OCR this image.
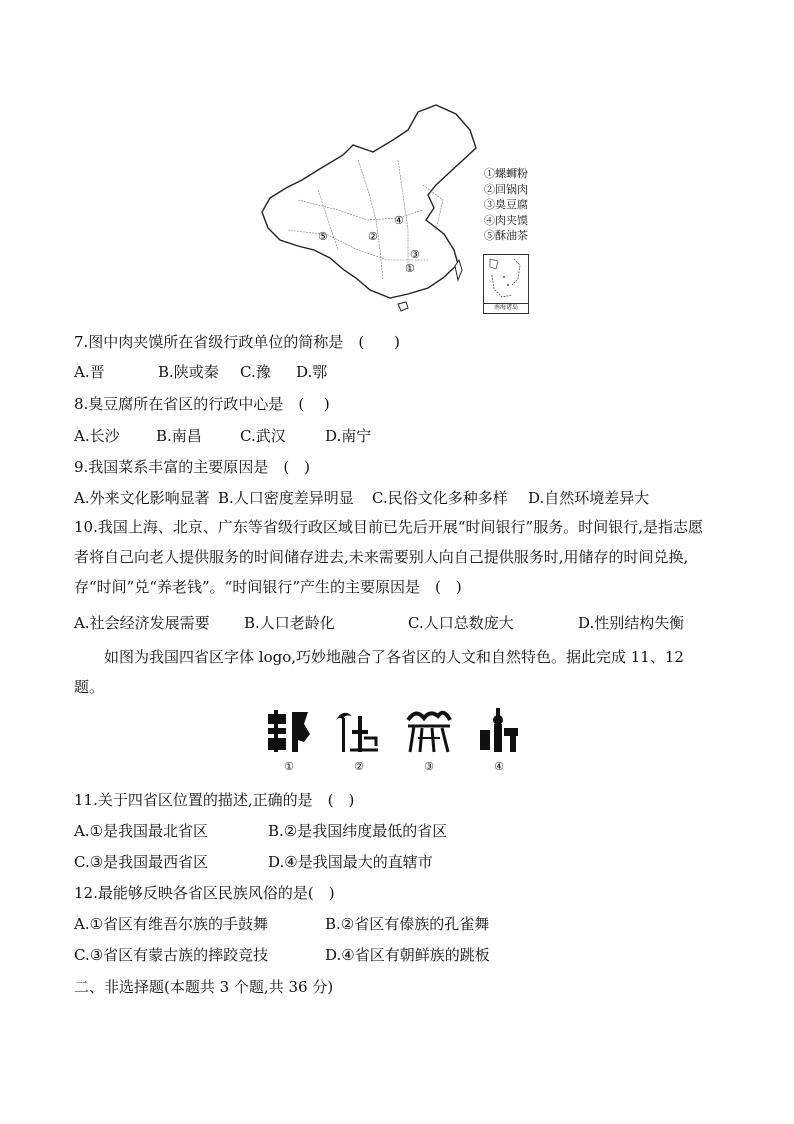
①
②
③
④
⑤
①螺蛳粉
②回锅肉
③臭豆腐
④肉夹馍
⑤酥油茶
南海诸岛
7.图中肉夹馍所在省级行政单位的简称是　(　　)
A.晋	B.陕或秦 C.豫 D.鄂
8.臭豆腐所在省区的行政中心是　(　 )
A.长沙 B.南昌	C.武汉	D.南宁
9.我国菜系丰富的主要原因是　(　)
A.外来文化影响显著 B.人口密度差异明显 C.民俗文化多种多样 D.自然环境差异大
10.我国上海、北京、广东等省级行政区域目前已先后开展“时间银行”服务。时间银行,是指志愿者将自己向老人提供服务的时间储存进去,未来需要别人向自己提供服务时,用储存的时间兑换,存“时间”兑“养老钱”。“时间银行”产生的主要原因是　(　)
A.社会经济发展需要 B.人口老龄化	C.人口总数庞大	D.性别结构失衡
如图为我国四省区字体 logo,巧妙地融合了各省区的人文和自然特色。据此完成 11、12 题。
①	②	③	④
11.关于四省区位置的描述,正确的是　(　)
A.①是我国最北省区	B.②是我国纬度最低的省区
C.③是我国最西省区	D.④是我国最大的直辖市
12.最能够反映各省区民族风俗的是(　)
A.①省区有维吾尔族的手鼓舞	B.②省区有傣族的孔雀舞
C.③省区有蒙古族的摔跤竞技	D.④省区有朝鲜族的跳板
二、非选择题(本题共 3 个题,共 36 分)
